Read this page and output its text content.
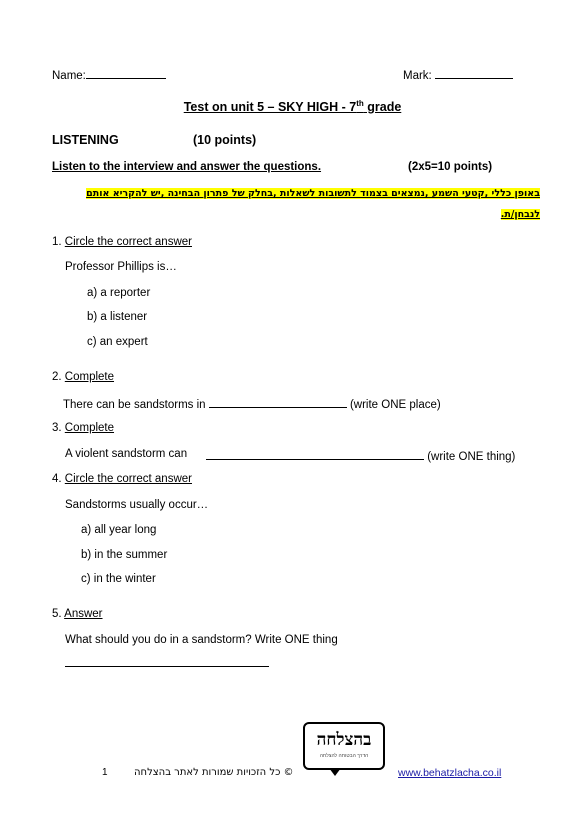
Name:	Mark:
Test on unit 5 – SKY HIGH - 7th grade
LISTENING	(10 points)
Listen to the interview and answer the questions.	(2x5=10 points)
באופן כללי ,קטעי השמע ,נמצאים בצמוד לתשובות לשאלות ,בחלק של פתרון הבחינה ,יש להקריא אותם
לנבחן/ת.
1. Circle the correct answer
Professor Phillips is…
a) a reporter
b) a listener
c) an expert
2. Complete
There can be sandstorms in	(write ONE place)
3. Complete
A violent sandstorm can	(write ONE thing)
4. Circle the correct answer
Sandstorms usually occur…
a) all year long
b) in the summer
c) in the winter
5. Answer
What should you do in a sandstorm? Write ONE thing
בהצלחה
הדרך הבטוחה להצלחה
1	© כל הזכויות שמורות לאתר בהצלחה	www.behatzlacha.co.il
